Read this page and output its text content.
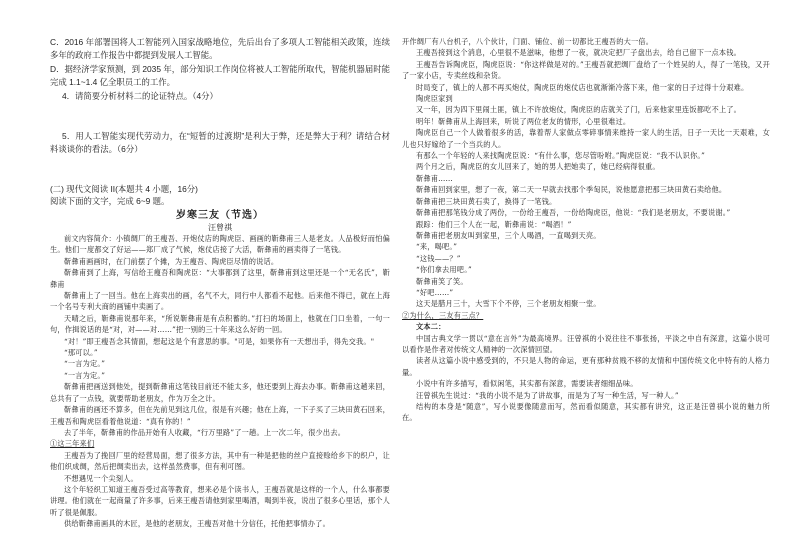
C．2016 年部署国将人工智能列入国家战略地位，先后出台了多项人工智能相关政策，连续多年的政府工作报告中都提到发展人工智能。

D．据经济学家预测，到 2035 年，部分知识工作岗位将被人工智能所取代，智能机器届时能完成 1.1~1.4 亿全职员工的工作。

4．请简要分析材料二的论证特点。（4分）

5．用人工智能实现代劳动力，在“短暂的过渡期”是利大于弊，还是弊大于利？请结合材料谈谈你的看法。（6分）

(二) 现代文阅读 II(本题共 4 小题，16分)
阅读下面的文字，完成 6~9 题。
岁寒三友（节选）
汪曾祺

前文内容简介：小镇绸厂的王瘦吾、开炮仗店的陶虎臣、画画的靳彝甫三人是老友。人品极好而怕偏生。他们一度都交了好运——郑厂成了气候，炮仗店接了大活，靳彝甫的画卖得了一笔钱。

靳彝甫画画时，在门前摆了个摊，为王瘦吾、陶虎臣尽情的说话。

靳彝甫到了上海，写信给王瘦吾和陶虎臣：“大事都到了这里，靳彝甫到这里还是一个“无名氏”，靳彝甫

靳彝甫上了一回当。他在上海卖出的画，名气不大，同行中人都看不起他。后来他不得已，就在上海一个名号专利大商的画铺中卖画了。

天晴之后，靳彝甫说那年来，“所说靳彝甫是有点积蓄的。”打扫的场面上，他就在门口坐着，一句一句，作揖说话的是“对，对——对……”把一别的三十年来这么好的一回。

“对！”即王瘦吾念其情面，想起这是个有意思的事。"可是，如果你有一天想出手，得先交我。"

“那可以。”

“一言为定。”

“一言为定。”

靳彝甫把画送到他处，提到靳彝甫这笔钱目前还不能太多，他还要到上海去办事。靳彝甫这趟来回，总共有了一点钱，就要帮助老朋友，作为万全之计。

靳彝甫的画还不算多，但在先前见到这几位，很是有兴趣；他在上海，一下子买了三块田黄石回来，王瘦吾和陶虎臣看着他说道：“真有你的！”

去了半年，靳彝甫的作品开始有人收藏，“行万里路”了一趟。上一次二年，很少出去。

①这三年来们

王瘦吾为了挽回厂里的经营局面，想了很多方法，其中有一种是把他的丝户直接赊给乡下的织户，让他们织成绸，然后把绸卖出去，这样虽然费事，但有利可图。

不想遇见一个尖刻人。

这个年轻织工知道王瘦吾受过高等教育，想来必是个读书人，王瘦吾就是这样的一个人，什么事都要讲理。他们就在一起商量了许多事，后来王瘦吾请他到家里喝酒，喝到半夜，说出了很多心里话，那个人听了很是佩服。

供给靳彝甫画具的木匠，是他的老朋友，王瘦吾对他十分信任，托他把事情办了。

开作绸厂有八台机子，八个伙计，门面、铺位、前一切都比王瘦吾的大一倍。

王瘦吾接到这个消息，心里很不是滋味，他想了一夜，就决定把厂子盘出去，给自己留下一点本钱。

王瘦吾告诉陶虎臣，陶虎臣说：“你这样做是对的。”王瘦吾就把绸厂盘给了一个姓吴的人，得了一笔钱，又开了一家小店，专卖丝线和杂货。

时局变了，镇上的人都不再买炮仗，陶虎臣的炮仗店也就渐渐冷落下来，他一家的日子过得十分艰难。

陶虎臣家到

又一年，因为四下里闹土匪，镇上不许放炮仗，陶虎臣的店就关了门，后来他家里连饭都吃不上了。

明年！靳彝甫从上海回来，听说了两位老友的情形，心里很难过。

陶虎臣自己一个人做着很多的活，靠着帮人家做点零碎事情来维持一家人的生活，日子一天比一天艰难，女儿也只好嫁给了一个当兵的人。

有那么一个年轻的人来找陶虎臣说：“有什么事，您尽管吩咐。”陶虎臣说：“我不认识你。”

两个月之后，陶虎臣的女儿回来了，她的男人把她卖了，她已经病得很重。

靳彝甫……

靳彝甫回到家里，想了一夜，第二天一早就去找那个季匋民，说他愿意把那三块田黄石卖给他。

靳彝甫把三块田黄石卖了，换得了一笔钱。

靳彝甫把那笔钱分成了两份，一份给王瘦吾，一份给陶虎臣，他说：“我们是老朋友，不要说谢。”

跟踪：他们三个人在一起，靳彝甫说：“喝酒！”

靳彝甫把老朋友叫到家里，三个人喝酒，一直喝到天亮。

“来，喝吧。”

“这钱——？”

“你们拿去用吧。”

靳彝甫笑了笑。

“好吧……”

这天是腊月三十，大雪下个不停，三个老朋友相聚一堂。

②为什么，三友有三点？

文本二：

中国古典文学一贯以“意在言外”为最高境界。汪曾祺的小说往往不事张扬，平淡之中自有深意，这篇小说可以看作是作者对传统文人精神的一次深情回望。

读者从这篇小说中感受到的，不只是人物的命运，更有那种贫贱不移的友情和中国传统文化中特有的人格力量。

小说中有许多描写，看似闲笔，其实都有深意，需要读者细细品味。

汪曾祺先生说过：“我的小说不是为了讲故事，而是为了写一种生活，写一种人。”

结构的本身是“随意”，写小说要像随意而写，然而看似随意，其实都有讲究，这正是汪曾祺小说的魅力所在。
